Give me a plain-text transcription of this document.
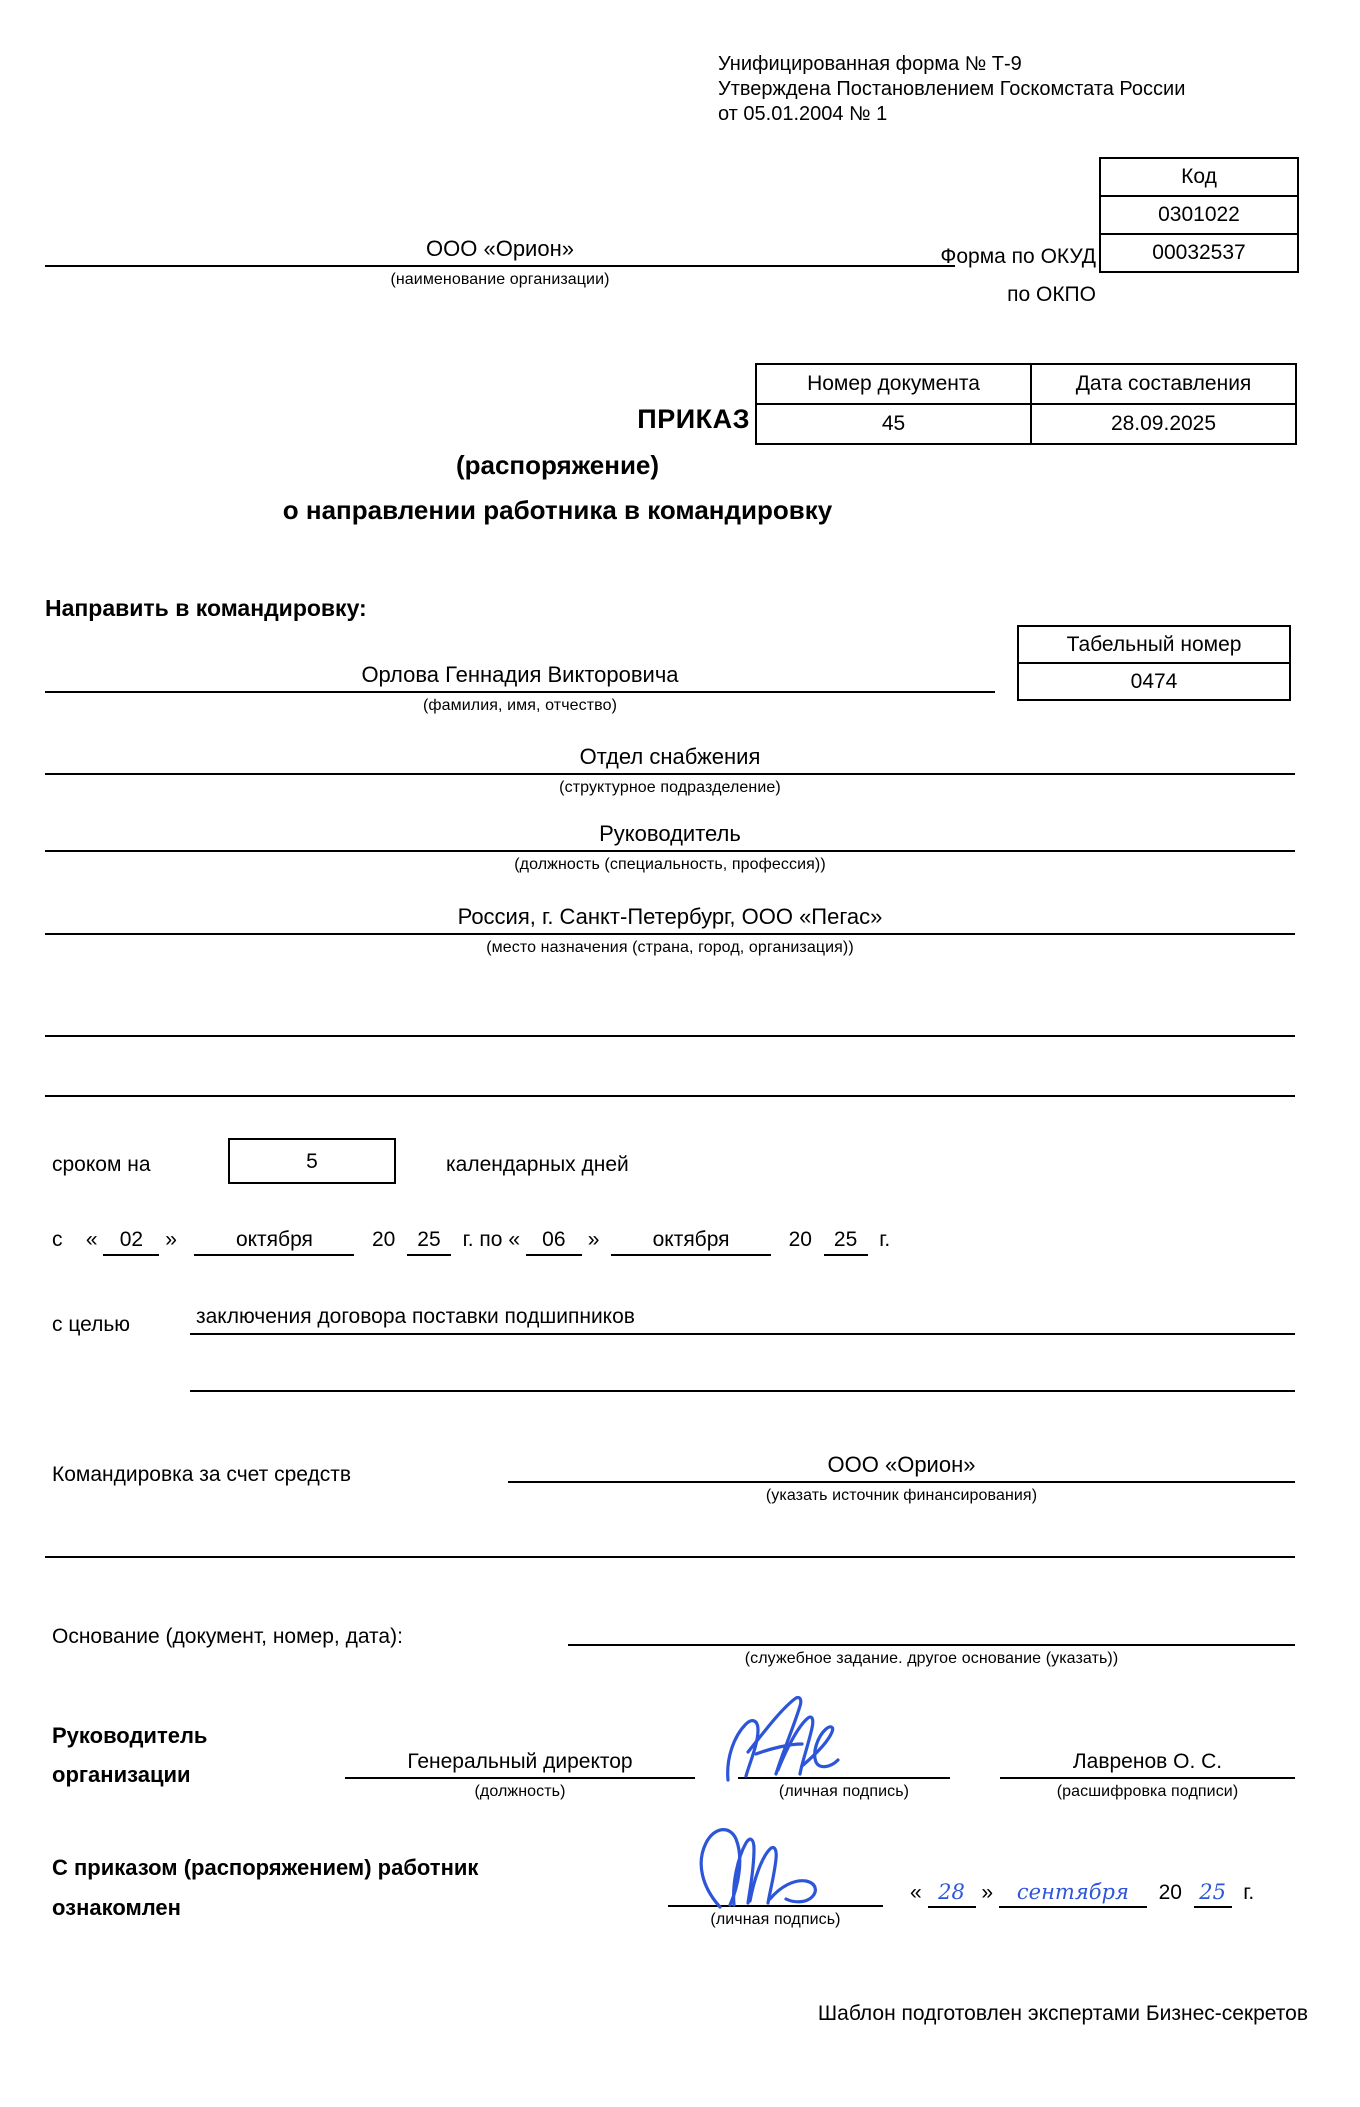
Унифицированная форма № Т-9
Утверждена Постановлением Госкомстата России
от 05.01.2004 № 1

Форма по ОКУД
по ОКПО
Код
0301022
00032537
ООО «Орион»
(наименование организации)
ПРИКАЗ
Номер документа	Дата составления
45	28.09.2025
(распоряжение)
о направлении работника в командировку
Направить в командировку:
Табельный номер
0474
Орлова Геннадия Викторовича
(фамилия, имя, отчество)
Отдел снабжения
(структурное подразделение)
Руководитель
(должность (специальность, профессия))
Россия, г. Санкт-Петербург, ООО «Пегас»
(место назначения (страна, город, организация))
сроком на	5	календарных дней
с « 02 »	октября	20 25 г. по « 06 »	октября	20 25 г.
с целью	заключения договора поставки подшипников
Командировка за счет средств	ООО «Орион»
(указать источник финансирования)
Основание (документ, номер, дата):
(служебное задание. другое основание (указать))
Руководитель
организации
Генеральный директор
(должность)	(личная подпись)
Лавренов О. С.
(расшифровка подписи)
С приказом (распоряжением) работник
ознакомлен	(личная подпись)
« 28 » сентября 20 25 г.
Шаблон подготовлен экспертами Бизнес-секретов
